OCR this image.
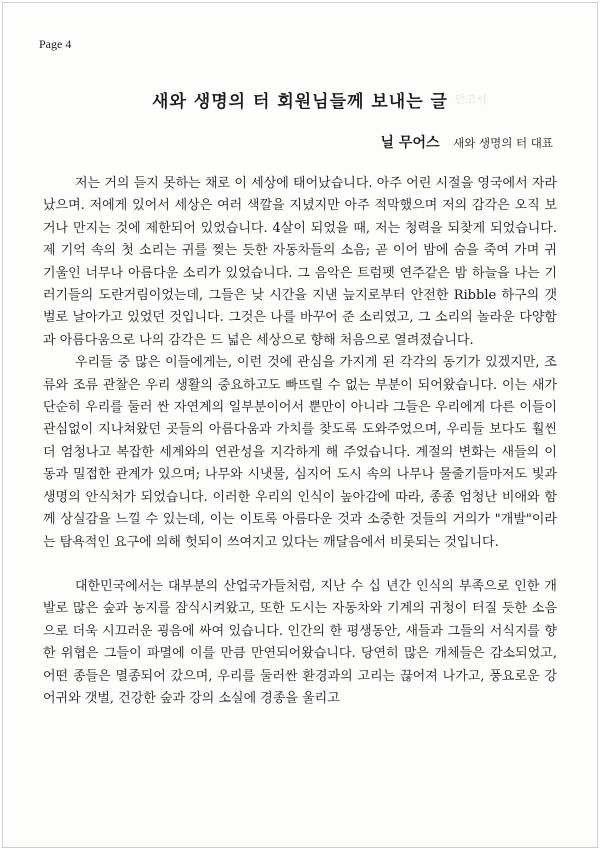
Page 4
안고서
새와 생명의 터 회원님들께 보내는 글
닐 무어스 새와 생명의 터 대표

저는 거의 듣지 못하는 채로 이 세상에 태어났습니다. 아주 어린 시절을 영국에서 자라났으며. 저에게 있어서 세상은 여러 색깔을 지녔지만 아주 적막했으며 저의 감각은 오직 보거나 만지는 것에 제한되어 있었습니다. 4살이 되었을 때, 저는 청력을 되찾게 되었습니다. 제 기억 속의 첫 소리는 귀를 찢는 듯한 자동차들의 소음; 곧 이어 밤에 숨을 죽여 가며 귀 기울인 너무나 아름다운 소리가 있었습니다. 그 음악은 트럼펫 연주같은 밤 하늘을 나는 기러기들의 도란거림이었는데, 그들은 낮 시간을 지낸 늪지로부터 안전한 Ribble 하구의 갯벌로 날아가고 있었던 것입니다. 그것은 나를 바꾸어 준 소리였고, 그 소리의 놀라운 다양함과 아름다움으로 나의 감각은 드 넓은 세상으로 향해 처음으로 열려졌습니다.

우리들 중 많은 이들에게는, 이런 것에 관심을 가지게 된 각각의 동기가 있겠지만, 조류와 조류 관찰은 우리 생활의 중요하고도 빠뜨릴 수 없는 부분이 되어왔습니다. 이는 새가 단순히 우리를 둘러 싼 자연계의 일부분이어서 뿐만이 아니라 그들은 우리에게 다른 이들이 관심없이 지나쳐왔던 곳들의 아름다움과 가치를 찾도록 도와주었으며, 우리들 보다도 훨씬 더 엄청나고 복잡한 세계와의 연관성을 지각하게 해 주었습니다. 계절의 변화는 새들의 이동과 밀접한 관계가 있으며; 나무와 시냇물, 심지어 도시 속의 나무나 물줄기들마저도 빛과 생명의 안식처가 되었습니다. 이러한 우리의 인식이 높아감에 따라, 종종 엄청난 비애와 함께 상실감을 느낄 수 있는데, 이는 이토록 아름다운 것과 소중한 것들의 거의가 "개발"이라는 탐욕적인 요구에 의해 헛되이 쓰여지고 있다는 깨달음에서 비롯되는 것입니다.

대한민국에서는 대부분의 산업국가들처럼, 지난 수 십 년간 인식의 부족으로 인한 개발로 많은 숲과 농지를 잠식시켜왔고, 또한 도시는 자동차와 기계의 귀청이 터질 듯한 소음으로 더욱 시끄러운 굉음에 싸여 있습니다. 인간의 한 평생동안, 새들과 그들의 서식지를 향한 위협은 그들이 파멸에 이를 만큼 만연되어왔습니다. 당연히 많은 개체들은 감소되었고, 어떤 종들은 멸종되어 갔으며, 우리를 둘러싼 환경과의 고리는 끊어져 나가고, 풍요로운 강 어귀와 갯벌, 건강한 숲과 강의 소실에 경종을 울리고
